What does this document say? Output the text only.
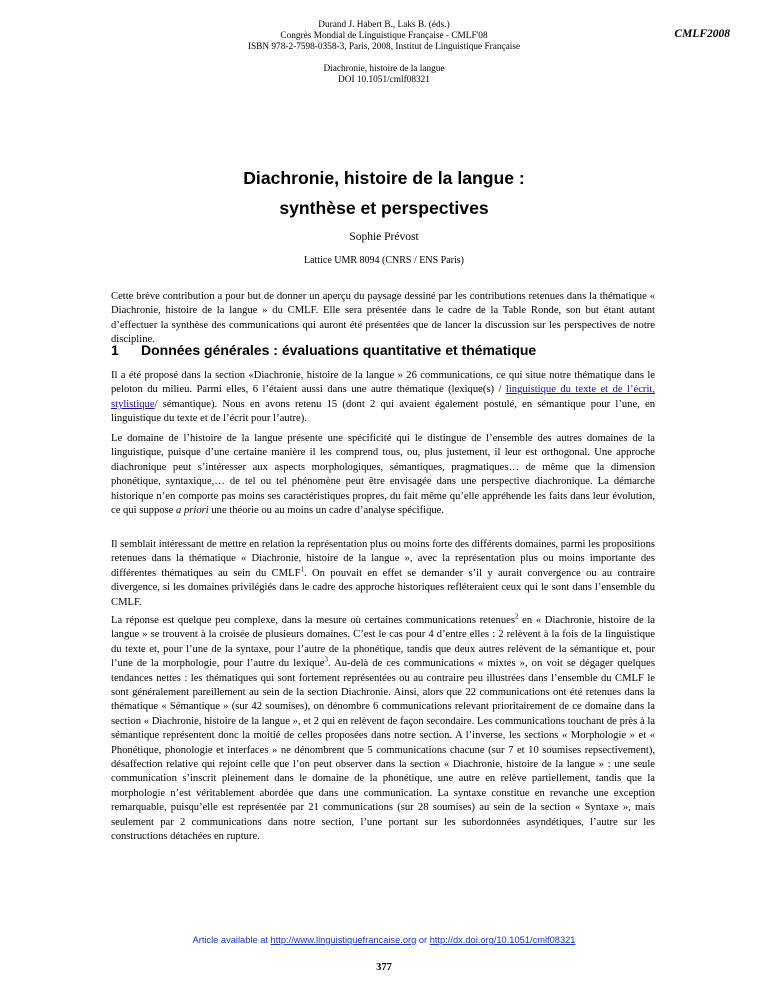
Durand J. Habert B., Laks B. (éds.)
Congrès Mondial de Linguistique Française - CMLF'08
ISBN 978-2-7598-0358-3, Paris, 2008, Institut de Linguistique Française
Diachronie, histoire de la langue
DOI 10.1051/cmlf08321
CMLF2008
Diachronie, histoire de la langue :
synthèse et perspectives
Sophie Prévost
Lattice UMR 8094 (CNRS / ENS Paris)

Cette brève contribution a pour but de donner un aperçu du paysage dessiné par les contributions retenues dans la thématique « Diachronie, histoire de la langue » du CMLF. Elle sera présentée dans le cadre de la Table Ronde, son but étant autant d’effectuer la synthèse des communications qui auront été présentées que de lancer la discussion sur les perspectives de notre discipline.

1 Données générales : évaluations quantitative et thématique

Il a été proposé dans la section «Diachronie, histoire de la langue » 26 communications, ce qui situe notre thématique dans le peloton du milieu. Parmi elles, 6 l’étaient aussi dans une autre thématique (lexique(s) / linguistique du texte et de l’écrit, stylistique/ sémantique). Nous en avons retenu 15 (dont 2 qui avaient également postulé, en sémantique pour l’une, en linguistique du texte et de l’écrit pour l’autre).

Le domaine de l’histoire de la langue présente une spécificité qui le distingue de l’ensemble des autres domaines de la linguistique, puisque d’une certaine manière il les comprend tous, ou, plus justement, il leur est orthogonal. Une approche diachronique peut s’intéresser aux aspects morphologiques, sémantiques, pragmatiques… de même que la dimension phonétique, syntaxique,… de tel ou tel phénomène peut être envisagée dans une perspective diachronique. La démarche historique n’en comporte pas moins ses caractéristiques propres, du fait même qu’elle appréhende les faits dans leur évolution, ce qui suppose a priori une théorie ou au moins un cadre d’analyse spécifique.

Il semblait intéressant de mettre en relation la représentation plus ou moins forte des différents domaines, parmi les propositions retenues dans la thématique « Diachronie, histoire de la langue », avec la représentation plus ou moins importante des différentes thématiques au sein du CMLF$^1$. On pouvait en effet se demander s’il y aurait convergence ou au contraire divergence, si les domaines privilégiés dans le cadre des approche historiques refléteraient ceux qui le sont dans l’ensemble du CMLF.

La réponse est quelque peu complexe, dans la mesure où certaines communications retenues$^2$ en « Diachronie, histoire de la langue » se trouvent à la croisée de plusieurs domaines. C’est le cas pour 4 d’entre elles : 2 relèvent à la fois de la linguistique du texte et, pour l’une de la syntaxe, pour l’autre de la phonétique, tandis que deux autres relèvent de la sémantique et, pour l’une de la morphologie, pour l’autre du lexique$^3$. Au-delà de ces communications « mixtes », on voit se dégager quelques tendances nettes : les thématiques qui sont fortement représentées ou au contraire peu illustrées dans l’ensemble du CMLF le sont généralement pareillement au sein de la section Diachronie. Ainsi, alors que 22 communications ont été retenues dans la thématique « Sémantique » (sur 42 soumises), on dénombre 6 communications relevant prioritairement de ce domaine dans la section « Diachronie, histoire de la langue », et 2 qui en relèvent de façon secondaire. Les communications touchant de près à la sémantique représentent donc la moitié de celles proposées dans notre section. A l’inverse, les sections « Morphologie » et « Phonétique, phonologie et interfaces » ne dénombrent que 5 communications chacune (sur 7 et 10 soumises repsectivement), désaffection relative qui rejoint celle que l’on peut observer dans la section « Diachronie, histoire de la langue » : une seule communication s’inscrit pleinement dans le domaine de la phonétique, une autre en relève partiellement, tandis que la morphologie n’est véritablement abordée que dans une communication. La syntaxe constitue en revanche une exception remarquable, puisqu’elle est représentée par 21 communications (sur 28 soumises) au sein de la section « Syntaxe », mais seulement par 2 communications dans notre section, l’une portant sur les subordonnées asyndétiques, l’autre sur les constructions détachées en rupture.

Article available at http://www.linguistiquefrancaise.org or http://dx.doi.org/10.1051/cmlf08321
377
